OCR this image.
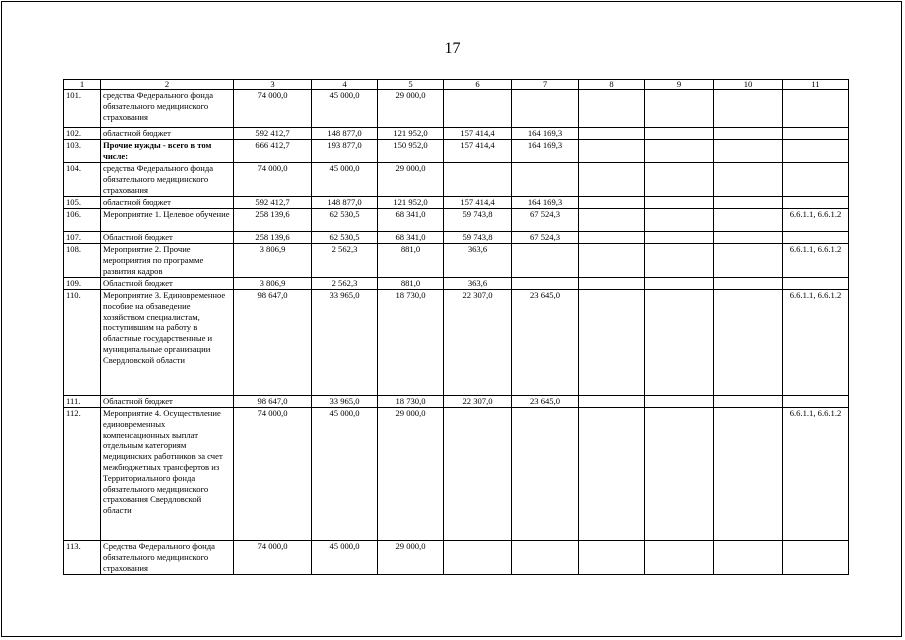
17
1	2	3	4	5	6	7	8	9	10	11
101.	средства Федерального фонда обязательного медицинского страхования	74 000,0	45 000,0	29 000,0						
102.	областной бюджет	592 412,7	148 877,0	121 952,0	157 414,4	164 169,3				
103.	Прочие нужды - всего в том числе:	666 412,7	193 877,0	150 952,0	157 414,4	164 169,3				
104.	средства Федерального фонда обязательного медицинского страхования	74 000,0	45 000,0	29 000,0						
105.	областной бюджет	592 412,7	148 877,0	121 952,0	157 414,4	164 169,3				
106.	Мероприятие 1. Целевое обучение	258 139,6	62 530,5	68 341,0	59 743,8	67 524,3				6.6.1.1, 6.6.1.2
107.	Областной бюджет	258 139,6	62 530,5	68 341,0	59 743,8	67 524,3				
108.	Мероприятие 2. Прочие мероприятия по программе развития кадров	3 806,9	2 562,3	881,0	363,6					6.6.1.1, 6.6.1.2
109.	Областной бюджет	3 806,9	2 562,3	881,0	363,6					
110.	Мероприятие 3. Единовременное пособие на обзаведение хозяйством специалистам, поступившим на работу в областные государственные и муниципальные организации Свердловской области	98 647,0	33 965,0	18 730,0	22 307,0	23 645,0				6.6.1.1, 6.6.1.2
111.	Областной бюджет	98 647,0	33 965,0	18 730,0	22 307,0	23 645,0				
112.	Мероприятие 4. Осуществление единовременных компенсационных выплат отдельным категориям медицинских работников за счет межбюджетных трансфертов из Территориального фонда обязательного медицинского страхования Свердловской области	74 000,0	45 000,0	29 000,0						6.6.1.1, 6.6.1.2
113.	Средства Федерального фонда обязательного медицинского страхования	74 000,0	45 000,0	29 000,0						
